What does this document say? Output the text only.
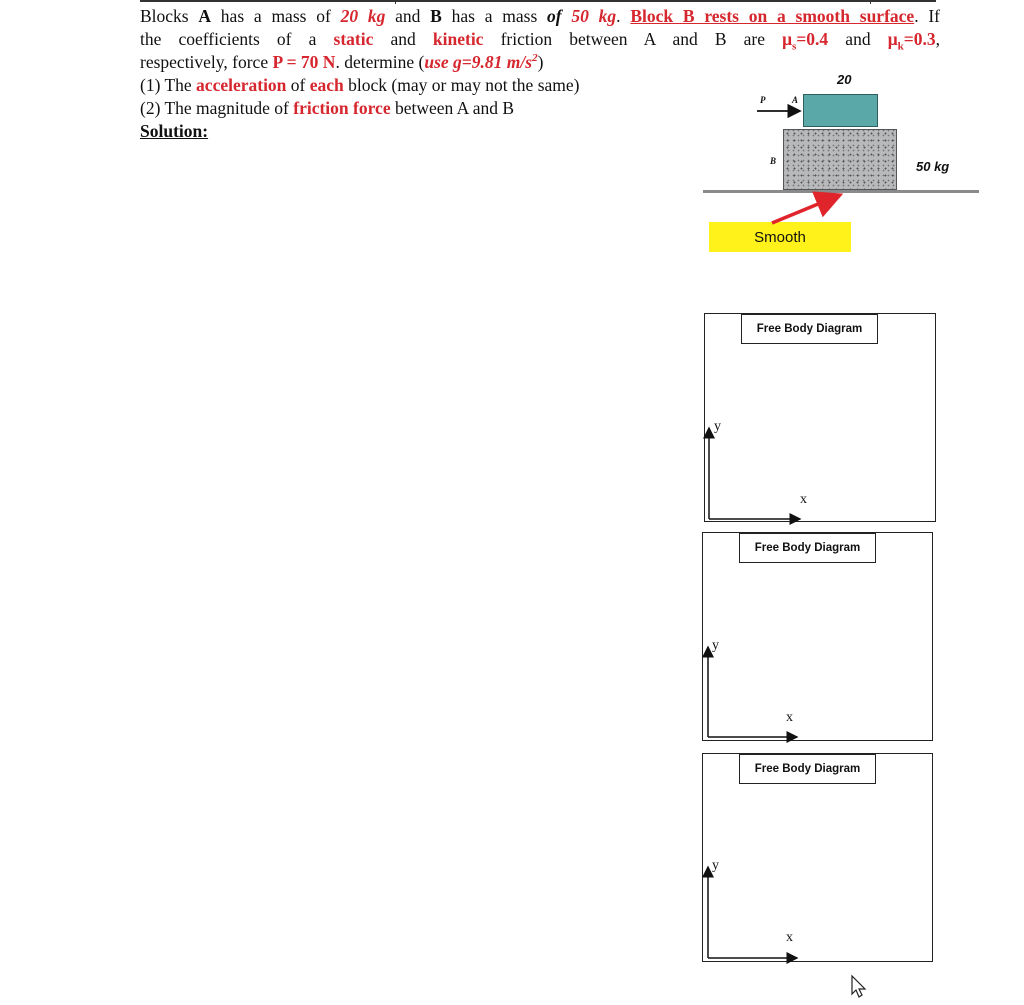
Blocks A has a mass of 20 kg and B has a mass of 50 kg. Block B rests on a smooth surface. If

the coefficients of a static and kinetic friction between A and B are $\mu_s=0.4$ and $\mu_k=0.3$,

respectively, force P = 70 N. determine (use g=9.81 $m/s^2$)

(1) The acceleration of each block (may or may not the same)

(2) The magnitude of friction force between A and B

Solution:

20
P	A
B	50 kg
Smooth
Free Body Diagram
y
x
Free Body Diagram
y
x
Free Body Diagram
y
x
